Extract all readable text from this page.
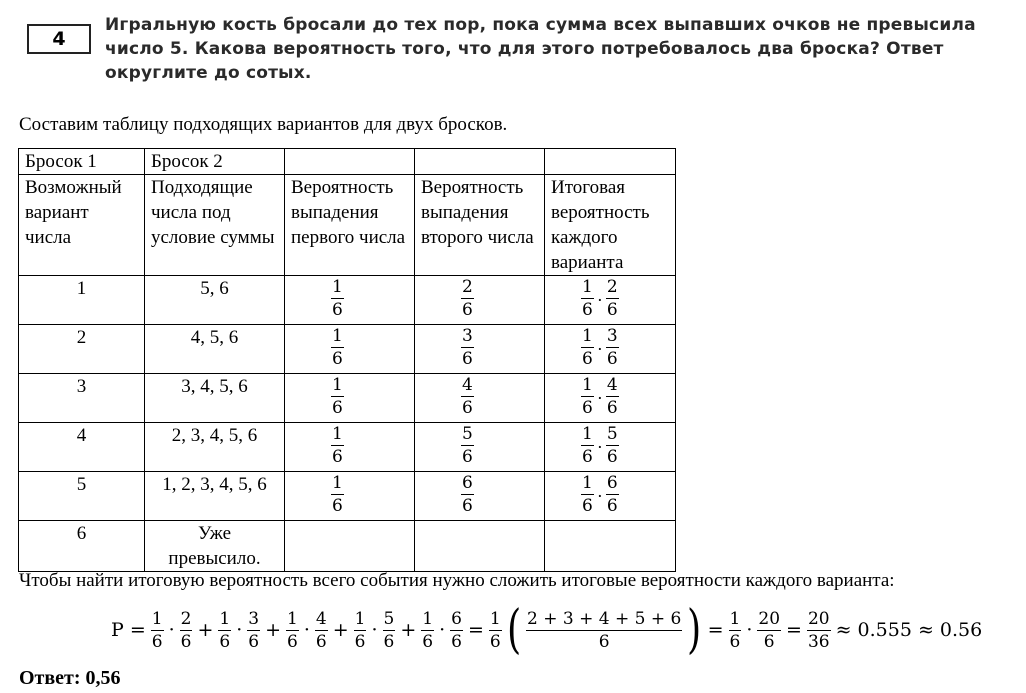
4
Игральную кость бросали до тех пор, пока сумма всех выпавших очков не превысила число 5. Какова вероятность того, что для этого потребовалось два броска? Ответ округлите до сотых.
Составим таблицу подходящих вариантов для двух бросков.
Бросок 1	Бросок 2			
Возможный вариант числа	Подходящие числа под условие суммы	Вероятность выпадения первого числа	Вероятность выпадения второго числа	Итоговая вероятность каждого варианта
1	5, 6	$\frac{1}{6}$	$\frac{2}{6}$	$\frac{1}{6} \cdot \frac{2}{6}$

2	4, 5, 6	$\frac{1}{6}$	$\frac{3}{6}$	$\frac{1}{6} \cdot \frac{3}{6}$

3	3, 4, 5, 6	$\frac{1}{6}$	$\frac{4}{6}$	$\frac{1}{6} \cdot \frac{4}{6}$

4	2, 3, 4, 5, 6	$\frac{1}{6}$	$\frac{5}{6}$	$\frac{1}{6} \cdot \frac{5}{6}$

5	1, 2, 3, 4, 5, 6	$\frac{1}{6}$	$\frac{6}{6}$	$\frac{1}{6} \cdot \frac{6}{6}$

6	Уже превысило.			
Чтобы найти итоговую вероятность всего события нужно сложить итоговые вероятности каждого варианта:
$P = \frac{1}{6} \cdot \frac{2}{6} + \frac{1}{6} \cdot \frac{3}{6} + \frac{1}{6} \cdot \frac{4}{6} + \frac{1}{6} \cdot \frac{5}{6} + \frac{1}{6} \cdot \frac{6}{6} = \frac{1}{6}$ ( $\frac{2 + 3 + 4 + 5 + 6}{6}$ ) = $\frac{1}{6} \cdot \frac{20}{6} = \frac{20}{36} \approx 0.555 \approx 0.56$
Ответ: 0,56
